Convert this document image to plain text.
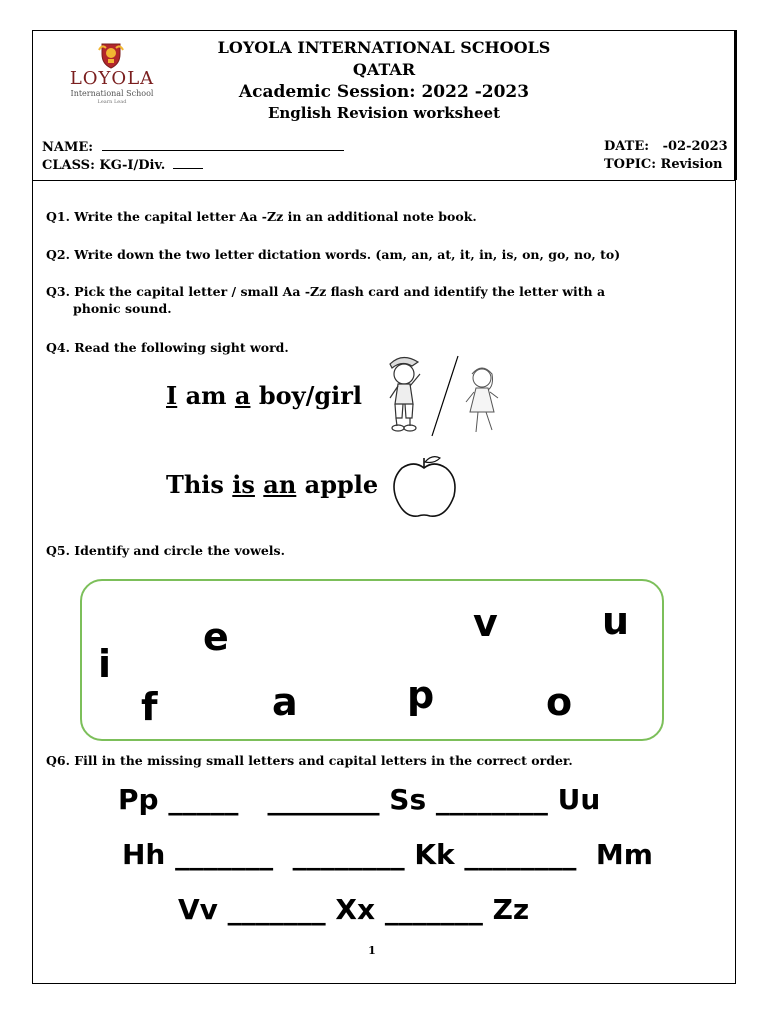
LOYOLA
International School
Learn Lead
LOYOLA INTERNATIONAL SCHOOLS
QATAR
Academic Session: 2022 -2023
English Revision worksheet
NAME:
CLASS: KG-I/Div.
DATE:   -02-2023
TOPIC: Revision
Q1. Write the capital letter Aa -Zz in an additional note book.
Q2. Write down the two letter dictation words. (am, an, at, it, in, is, on, go, no, to)
Q3. Pick the capital letter / small Aa -Zz flash card and identify the letter with a
phonic sound.
Q4. Read the following sight word.
I am a boy/girl
This is an apple
Q5. Identify and circle the vowels.
i
e
f	a
v
p
u
o
Q6. Fill in the missing small letters and capital letters in the correct order.
Pp _____   ________ Ss ________ Uu
Hh _______  ________ Kk ________  Mm
Vv _______ Xx _______ Zz
1
